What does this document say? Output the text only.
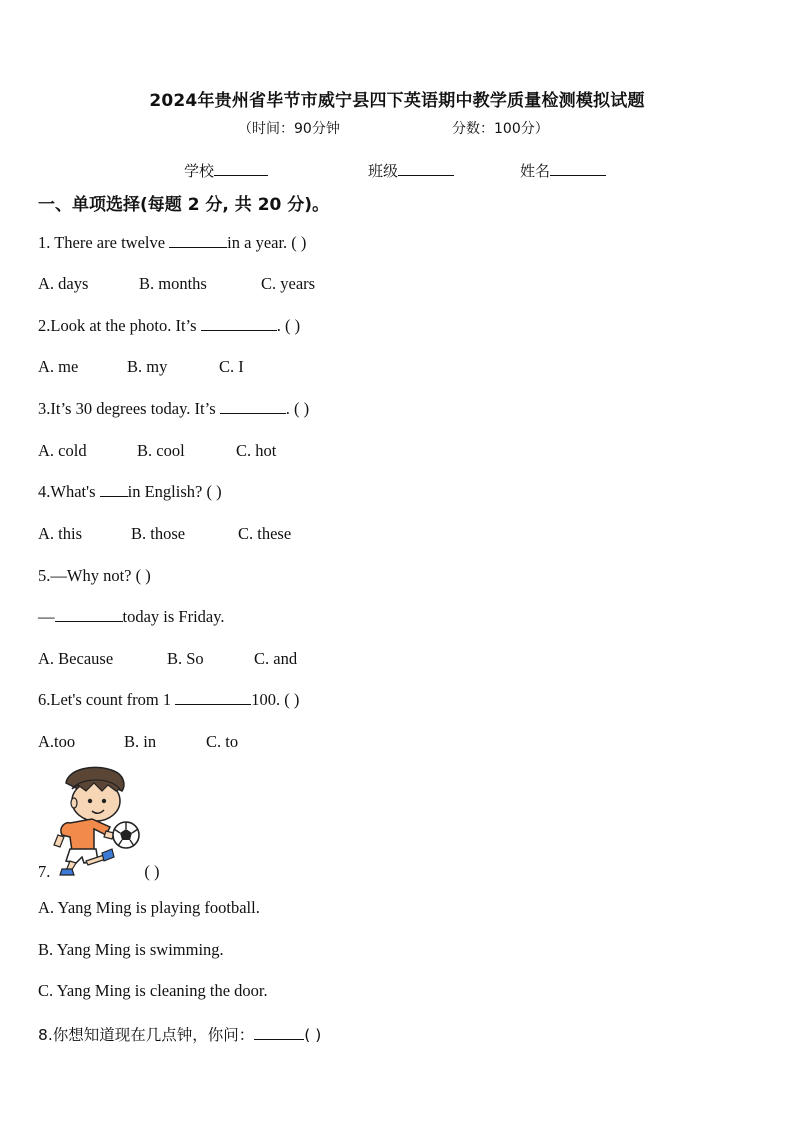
2024年贵州省毕节市威宁县四下英语期中教学质量检测模拟试题
（时间：90分钟	分数：100分）
学校	班级	姓名
一、单项选择(每题 2 分, 共 20 分)。
1. There are twelve	in a year. ( )
A. days	B. months	C. years
2.Look at the photo. It’s	. ( )
A. me	B. my	C. I
3.It’s 30 degrees today. It’s	. ( )
A. cold	B. cool	C. hot
4.What's in English? ( )
A. this	B. those	C. these
5.—Why not? ( )
—	today is Friday.
A. Because	B. So	C. and
6.Let's count from 1	100. ( )
A.too	B. in	C. to
7.	( )
A. Yang Ming is playing football.
B. Yang Ming is swimming.
C. Yang Ming is cleaning the door.
8.你想知道现在几点钟，你问：	( )
